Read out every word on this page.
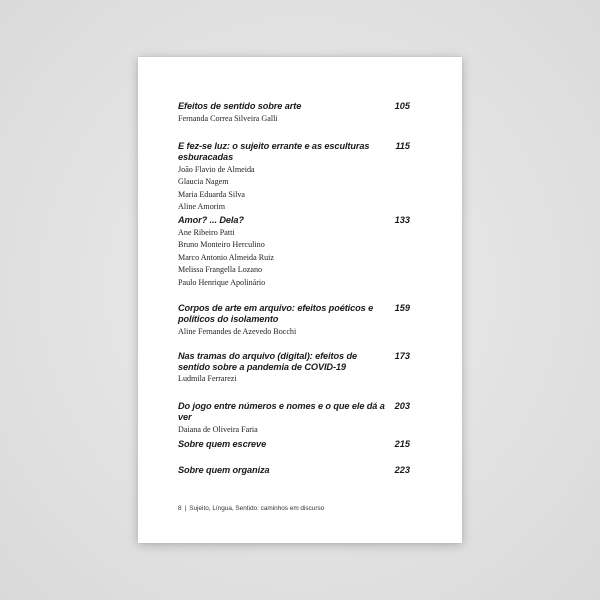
Efeitos de sentido sobre arte

Fernanda Correa Silveira Galli
105

E fez-se luz: o sujeito errante e as esculturas esburacadas

João Flavio de Almeida
Glaucia Nagem
Maria Eduarda Silva
Aline Amorim
115

Amor? ... Dela?

Ane Ribeiro Patti
Bruno Monteiro Herculino
Marco Antonio Almeida Ruiz
Melissa Frangella Lozano
Paulo Henrique Apolinário
133

Corpos de arte em arquivo: efeitos poéticos e políticos do isolamento

Aline Fernandes de Azevedo Bocchi
159

Nas tramas do arquivo (digital): efeitos de sentido sobre a pandemia de COVID-19

Ludmila Ferrarezi
173

Do jogo entre números e nomes e o que ele dá a ver

Daiana de Oliveira Faria
203

Sobre quem escreve	215

Sobre quem organiza	223
8 | Sujeito, Língua, Sentido: caminhos em discurso
